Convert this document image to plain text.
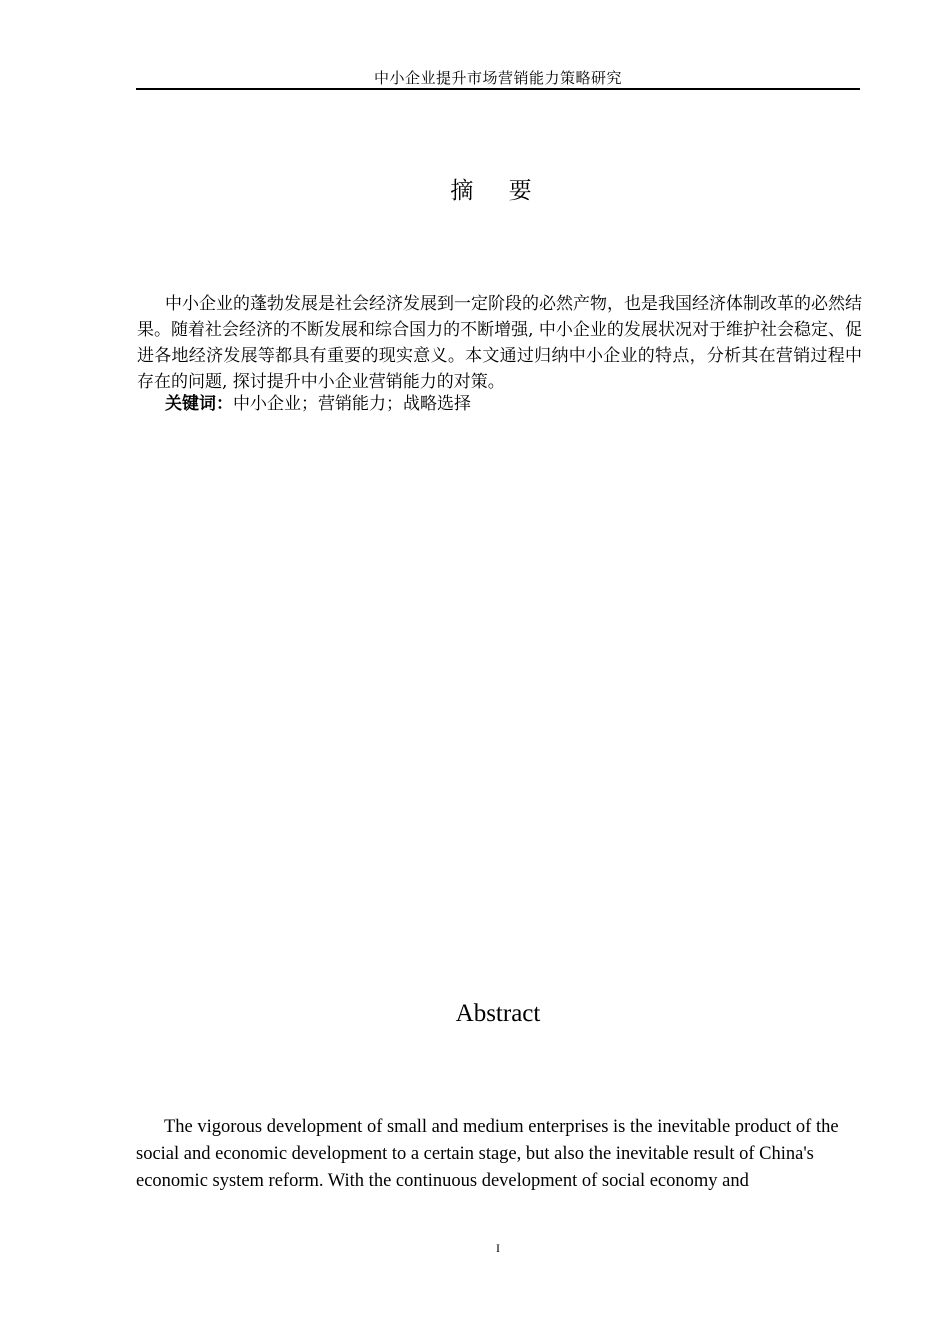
中小企业提升市场营销能力策略研究
摘 要
中小企业的蓬勃发展是社会经济发展到一定阶段的必然产物，也是我国经济体制改革的必然结果。随着社会经济的不断发展和综合国力的不断增强, 中小企业的发展状况对于维护社会稳定、促进各地经济发展等都具有重要的现实意义。本文通过归纳中小企业的特点，分析其在营销过程中存在的问题, 探讨提升中小企业营销能力的对策。
关键词：中小企业；营销能力；战略选择
Abstract
The vigorous development of small and medium enterprises is the inevitable product of the social and economic development to a certain stage, but also the inevitable result of China's economic system reform. With the continuous development of social economy and
I
